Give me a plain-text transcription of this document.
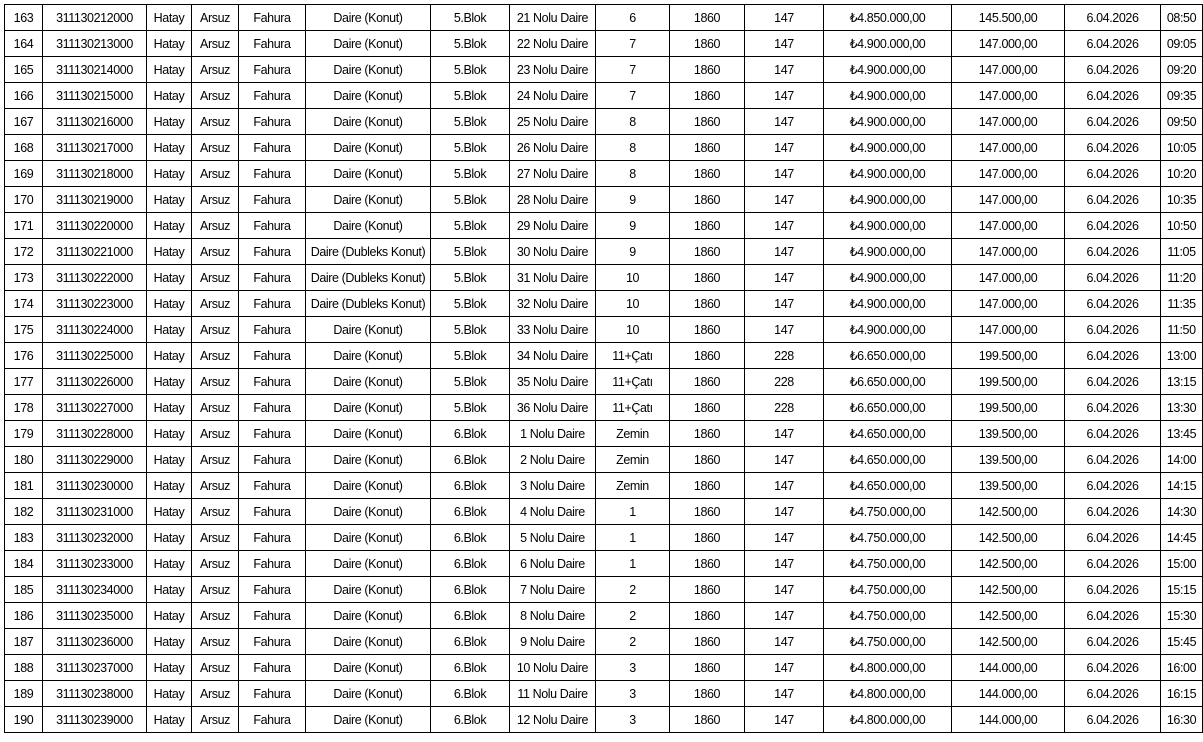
163	311130212000	Hatay	Arsuz	Fahura	Daire (Konut)	5.Blok	21 Nolu Daire	6	1860	147	₺4.850.000,00	145.500,00	6.04.2026	08:50
164	311130213000	Hatay	Arsuz	Fahura	Daire (Konut)	5.Blok	22 Nolu Daire	7	1860	147	₺4.900.000,00	147.000,00	6.04.2026	09:05
165	311130214000	Hatay	Arsuz	Fahura	Daire (Konut)	5.Blok	23 Nolu Daire	7	1860	147	₺4.900.000,00	147.000,00	6.04.2026	09:20
166	311130215000	Hatay	Arsuz	Fahura	Daire (Konut)	5.Blok	24 Nolu Daire	7	1860	147	₺4.900.000,00	147.000,00	6.04.2026	09:35
167	311130216000	Hatay	Arsuz	Fahura	Daire (Konut)	5.Blok	25 Nolu Daire	8	1860	147	₺4.900.000,00	147.000,00	6.04.2026	09:50
168	311130217000	Hatay	Arsuz	Fahura	Daire (Konut)	5.Blok	26 Nolu Daire	8	1860	147	₺4.900.000,00	147.000,00	6.04.2026	10:05
169	311130218000	Hatay	Arsuz	Fahura	Daire (Konut)	5.Blok	27 Nolu Daire	8	1860	147	₺4.900.000,00	147.000,00	6.04.2026	10:20
170	311130219000	Hatay	Arsuz	Fahura	Daire (Konut)	5.Blok	28 Nolu Daire	9	1860	147	₺4.900.000,00	147.000,00	6.04.2026	10:35
171	311130220000	Hatay	Arsuz	Fahura	Daire (Konut)	5.Blok	29 Nolu Daire	9	1860	147	₺4.900.000,00	147.000,00	6.04.2026	10:50
172	311130221000	Hatay	Arsuz	Fahura	Daire (Dubleks Konut)	5.Blok	30 Nolu Daire	9	1860	147	₺4.900.000,00	147.000,00	6.04.2026	11:05
173	311130222000	Hatay	Arsuz	Fahura	Daire (Dubleks Konut)	5.Blok	31 Nolu Daire	10	1860	147	₺4.900.000,00	147.000,00	6.04.2026	11:20
174	311130223000	Hatay	Arsuz	Fahura	Daire (Dubleks Konut)	5.Blok	32 Nolu Daire	10	1860	147	₺4.900.000,00	147.000,00	6.04.2026	11:35
175	311130224000	Hatay	Arsuz	Fahura	Daire (Konut)	5.Blok	33 Nolu Daire	10	1860	147	₺4.900.000,00	147.000,00	6.04.2026	11:50
176	311130225000	Hatay	Arsuz	Fahura	Daire (Konut)	5.Blok	34 Nolu Daire	11+Çatı	1860	228	₺6.650.000,00	199.500,00	6.04.2026	13:00
177	311130226000	Hatay	Arsuz	Fahura	Daire (Konut)	5.Blok	35 Nolu Daire	11+Çatı	1860	228	₺6.650.000,00	199.500,00	6.04.2026	13:15
178	311130227000	Hatay	Arsuz	Fahura	Daire (Konut)	5.Blok	36 Nolu Daire	11+Çatı	1860	228	₺6.650.000,00	199.500,00	6.04.2026	13:30
179	311130228000	Hatay	Arsuz	Fahura	Daire (Konut)	6.Blok	1 Nolu Daire	Zemin	1860	147	₺4.650.000,00	139.500,00	6.04.2026	13:45
180	311130229000	Hatay	Arsuz	Fahura	Daire (Konut)	6.Blok	2 Nolu Daire	Zemin	1860	147	₺4.650.000,00	139.500,00	6.04.2026	14:00
181	311130230000	Hatay	Arsuz	Fahura	Daire (Konut)	6.Blok	3 Nolu Daire	Zemin	1860	147	₺4.650.000,00	139.500,00	6.04.2026	14:15
182	311130231000	Hatay	Arsuz	Fahura	Daire (Konut)	6.Blok	4 Nolu Daire	1	1860	147	₺4.750.000,00	142.500,00	6.04.2026	14:30
183	311130232000	Hatay	Arsuz	Fahura	Daire (Konut)	6.Blok	5 Nolu Daire	1	1860	147	₺4.750.000,00	142.500,00	6.04.2026	14:45
184	311130233000	Hatay	Arsuz	Fahura	Daire (Konut)	6.Blok	6 Nolu Daire	1	1860	147	₺4.750.000,00	142.500,00	6.04.2026	15:00
185	311130234000	Hatay	Arsuz	Fahura	Daire (Konut)	6.Blok	7 Nolu Daire	2	1860	147	₺4.750.000,00	142.500,00	6.04.2026	15:15
186	311130235000	Hatay	Arsuz	Fahura	Daire (Konut)	6.Blok	8 Nolu Daire	2	1860	147	₺4.750.000,00	142.500,00	6.04.2026	15:30
187	311130236000	Hatay	Arsuz	Fahura	Daire (Konut)	6.Blok	9 Nolu Daire	2	1860	147	₺4.750.000,00	142.500,00	6.04.2026	15:45
188	311130237000	Hatay	Arsuz	Fahura	Daire (Konut)	6.Blok	10 Nolu Daire	3	1860	147	₺4.800.000,00	144.000,00	6.04.2026	16:00
189	311130238000	Hatay	Arsuz	Fahura	Daire (Konut)	6.Blok	11 Nolu Daire	3	1860	147	₺4.800.000,00	144.000,00	6.04.2026	16:15
190	311130239000	Hatay	Arsuz	Fahura	Daire (Konut)	6.Blok	12 Nolu Daire	3	1860	147	₺4.800.000,00	144.000,00	6.04.2026	16:30
